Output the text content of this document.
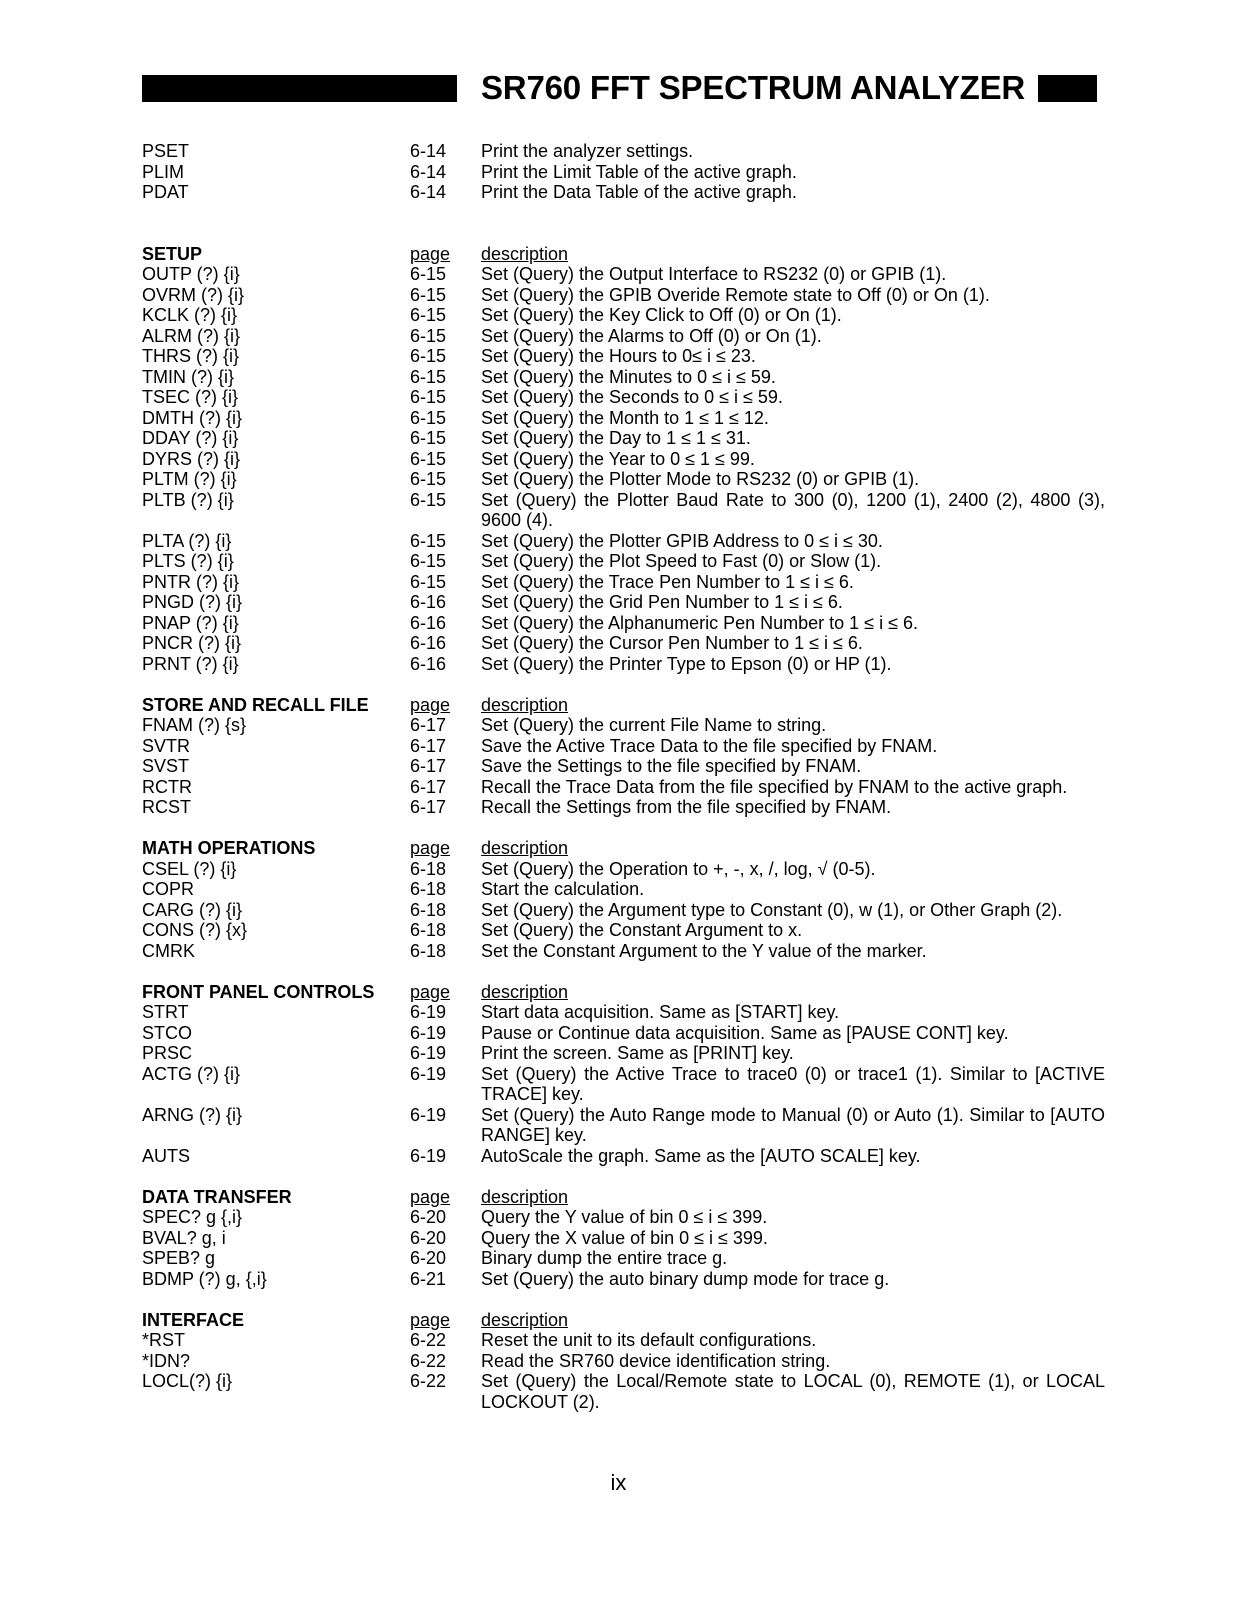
SR760 FFT SPECTRUM ANALYZER
PSET	6-14	Print the analyzer settings.
PLIM	6-14	Print the Limit Table of the active graph.
PDAT	6-14	Print the Data Table of the active graph.
SETUP	page	description
OUTP (?) {i}	6-15	Set (Query) the Output Interface to RS232 (0) or GPIB (1).
OVRM (?) {i}	6-15	Set (Query) the GPIB Overide Remote state to Off (0) or On (1).
KCLK (?) {i}	6-15	Set (Query) the Key Click to Off (0) or On (1).
ALRM (?) {i}	6-15	Set (Query) the Alarms to Off (0) or On (1).
THRS (?) {i}	6-15	Set (Query) the Hours to 0≤ i ≤ 23.
TMIN (?) {i}	6-15	Set (Query) the Minutes to 0 ≤ i ≤ 59.
TSEC (?) {i}	6-15	Set (Query) the Seconds to 0 ≤ i ≤ 59.
DMTH (?) {i}	6-15	Set (Query) the Month to 1 ≤ 1 ≤ 12.
DDAY (?) {i}	6-15	Set (Query) the Day to 1 ≤ 1 ≤ 31.
DYRS (?) {i}	6-15	Set (Query) the Year to 0 ≤ 1 ≤ 99.
PLTM (?) {i}	6-15	Set (Query) the Plotter Mode to RS232 (0) or GPIB (1).
PLTB (?) {i}	6-15	Set (Query) the Plotter Baud Rate to 300 (0), 1200 (1), 2400 (2), 4800 (3), 9600 (4).
PLTA (?) {i}	6-15	Set (Query) the Plotter GPIB Address to 0 ≤ i ≤ 30.
PLTS (?) {i}	6-15	Set (Query) the Plot Speed to Fast (0) or Slow (1).
PNTR (?) {i}	6-15	Set (Query) the Trace Pen Number to 1 ≤ i ≤ 6.
PNGD (?) {i}	6-16	Set (Query) the Grid Pen Number to 1 ≤ i ≤ 6.
PNAP (?) {i}	6-16	Set (Query) the Alphanumeric Pen Number to 1 ≤ i ≤ 6.
PNCR (?) {i}	6-16	Set (Query) the Cursor Pen Number to 1 ≤ i ≤ 6.
PRNT (?) {i}	6-16	Set (Query) the Printer Type to Epson (0) or HP (1).
STORE AND RECALL FILE	page	description
FNAM (?) {s}	6-17	Set (Query) the current File Name to string.
SVTR	6-17	Save the Active Trace Data to the file specified by FNAM.
SVST	6-17	Save the Settings to the file specified by FNAM.
RCTR	6-17	Recall the Trace Data from the file specified by FNAM to the active graph.
RCST	6-17	Recall the Settings from the file specified by FNAM.
MATH OPERATIONS	page	description
CSEL (?) {i}	6-18	Set (Query) the Operation to +, -, x, /, log, √ (0-5).
COPR	6-18	Start the calculation.
CARG (?) {i}	6-18	Set (Query) the Argument type to Constant (0), w (1), or Other Graph (2).
CONS (?) {x}	6-18	Set (Query) the Constant Argument to x.
CMRK	6-18	Set the Constant Argument to the Y value of the marker.
FRONT PANEL CONTROLS	page	description
STRT	6-19	Start data acquisition. Same as [START] key.
STCO	6-19	Pause or Continue data acquisition. Same as [PAUSE CONT] key.
PRSC	6-19	Print the screen. Same as [PRINT] key.
ACTG (?) {i}	6-19	Set (Query) the Active Trace to trace0 (0) or trace1 (1). Similar to [ACTIVE TRACE] key.
ARNG (?) {i}	6-19	Set (Query) the Auto Range mode to Manual (0) or Auto (1). Similar to [AUTO RANGE] key.
AUTS	6-19	AutoScale the graph. Same as the [AUTO SCALE] key.
DATA TRANSFER	page	description
SPEC? g {,i}	6-20	Query the Y value of bin 0 ≤ i ≤ 399.
BVAL? g, i	6-20	Query the X value of bin 0 ≤ i ≤ 399.
SPEB? g	6-20	Binary dump the entire trace g.
BDMP (?) g, {,i}	6-21	Set (Query) the auto binary dump mode for trace g.
INTERFACE	page	description
*RST	6-22	Reset the unit to its default configurations.
*IDN?	6-22	Read the SR760 device identification string.
LOCL(?) {i}	6-22	Set (Query) the Local/Remote state to LOCAL (0), REMOTE (1), or LOCAL LOCKOUT (2).
ix
